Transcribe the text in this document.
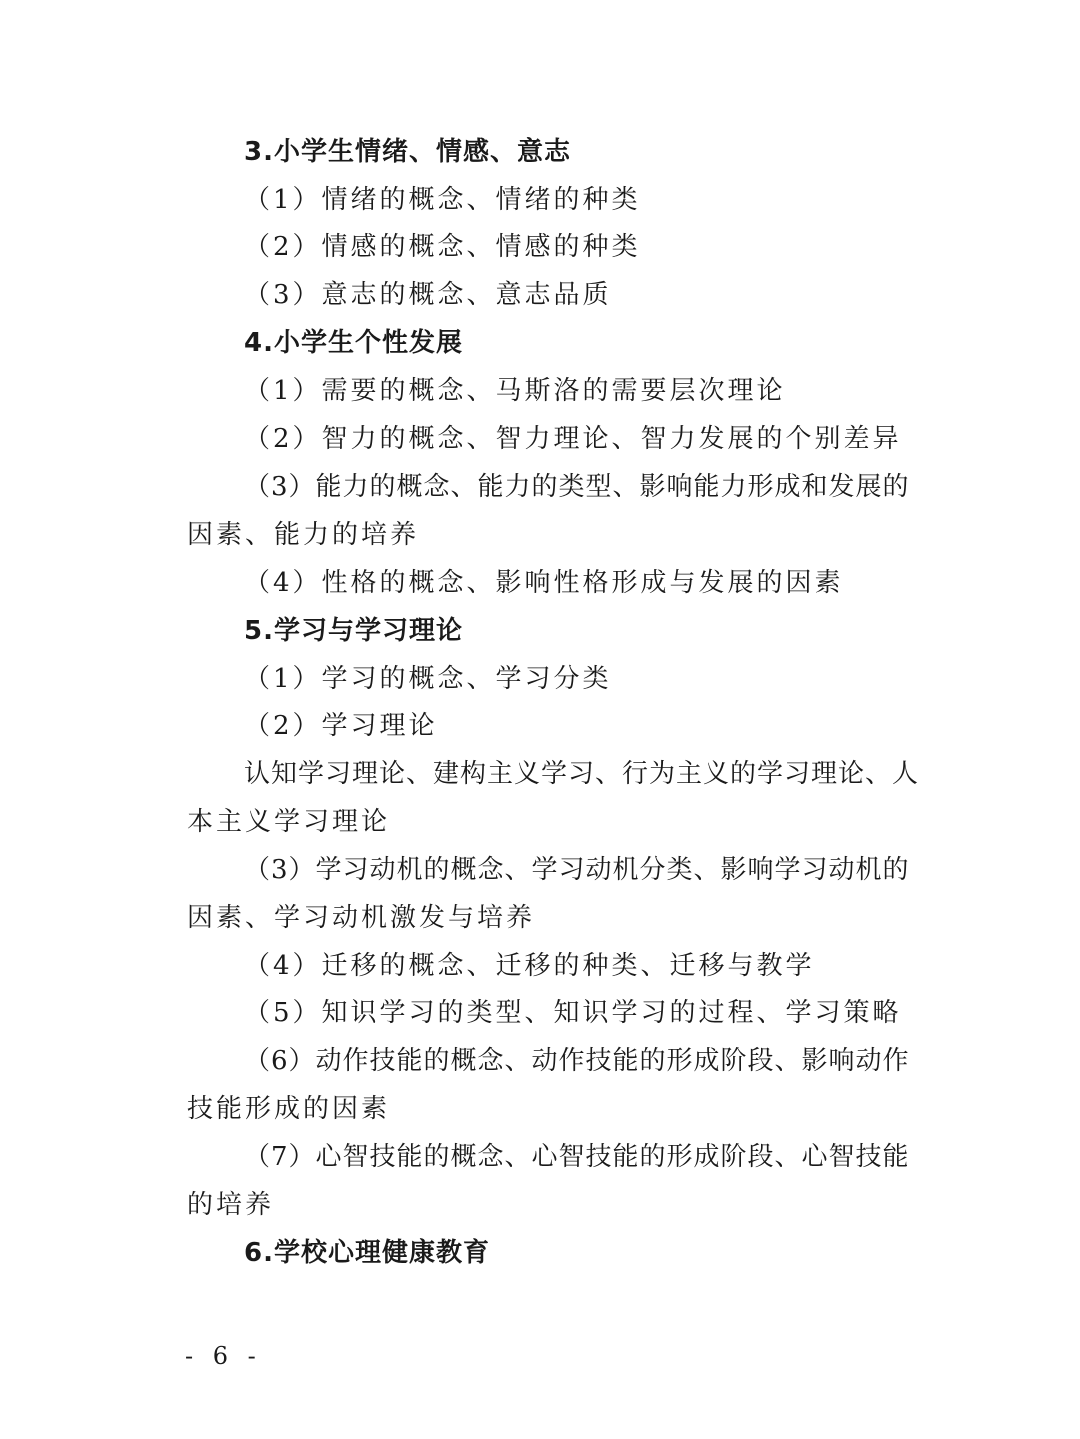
3.小学生情绪、情感、意志
（1）情绪的概念、情绪的种类
（2）情感的概念、情感的种类
（3）意志的概念、意志品质
4.小学生个性发展
（1）需要的概念、马斯洛的需要层次理论
（2）智力的概念、智力理论、智力发展的个别差异
（3）能力的概念、能力的类型、影响能力形成和发展的
因素、能力的培养
（4）性格的概念、影响性格形成与发展的因素
5.学习与学习理论
（1）学习的概念、学习分类
（2）学习理论
认知学习理论、建构主义学习、行为主义的学习理论、人
本主义学习理论
（3）学习动机的概念、学习动机分类、影响学习动机的
因素、学习动机激发与培养
（4）迁移的概念、迁移的种类、迁移与教学
（5）知识学习的类型、知识学习的过程、学习策略
（6）动作技能的概念、动作技能的形成阶段、影响动作
技能形成的因素
（7）心智技能的概念、心智技能的形成阶段、心智技能
的培养
6.学校心理健康教育
- 6 -
